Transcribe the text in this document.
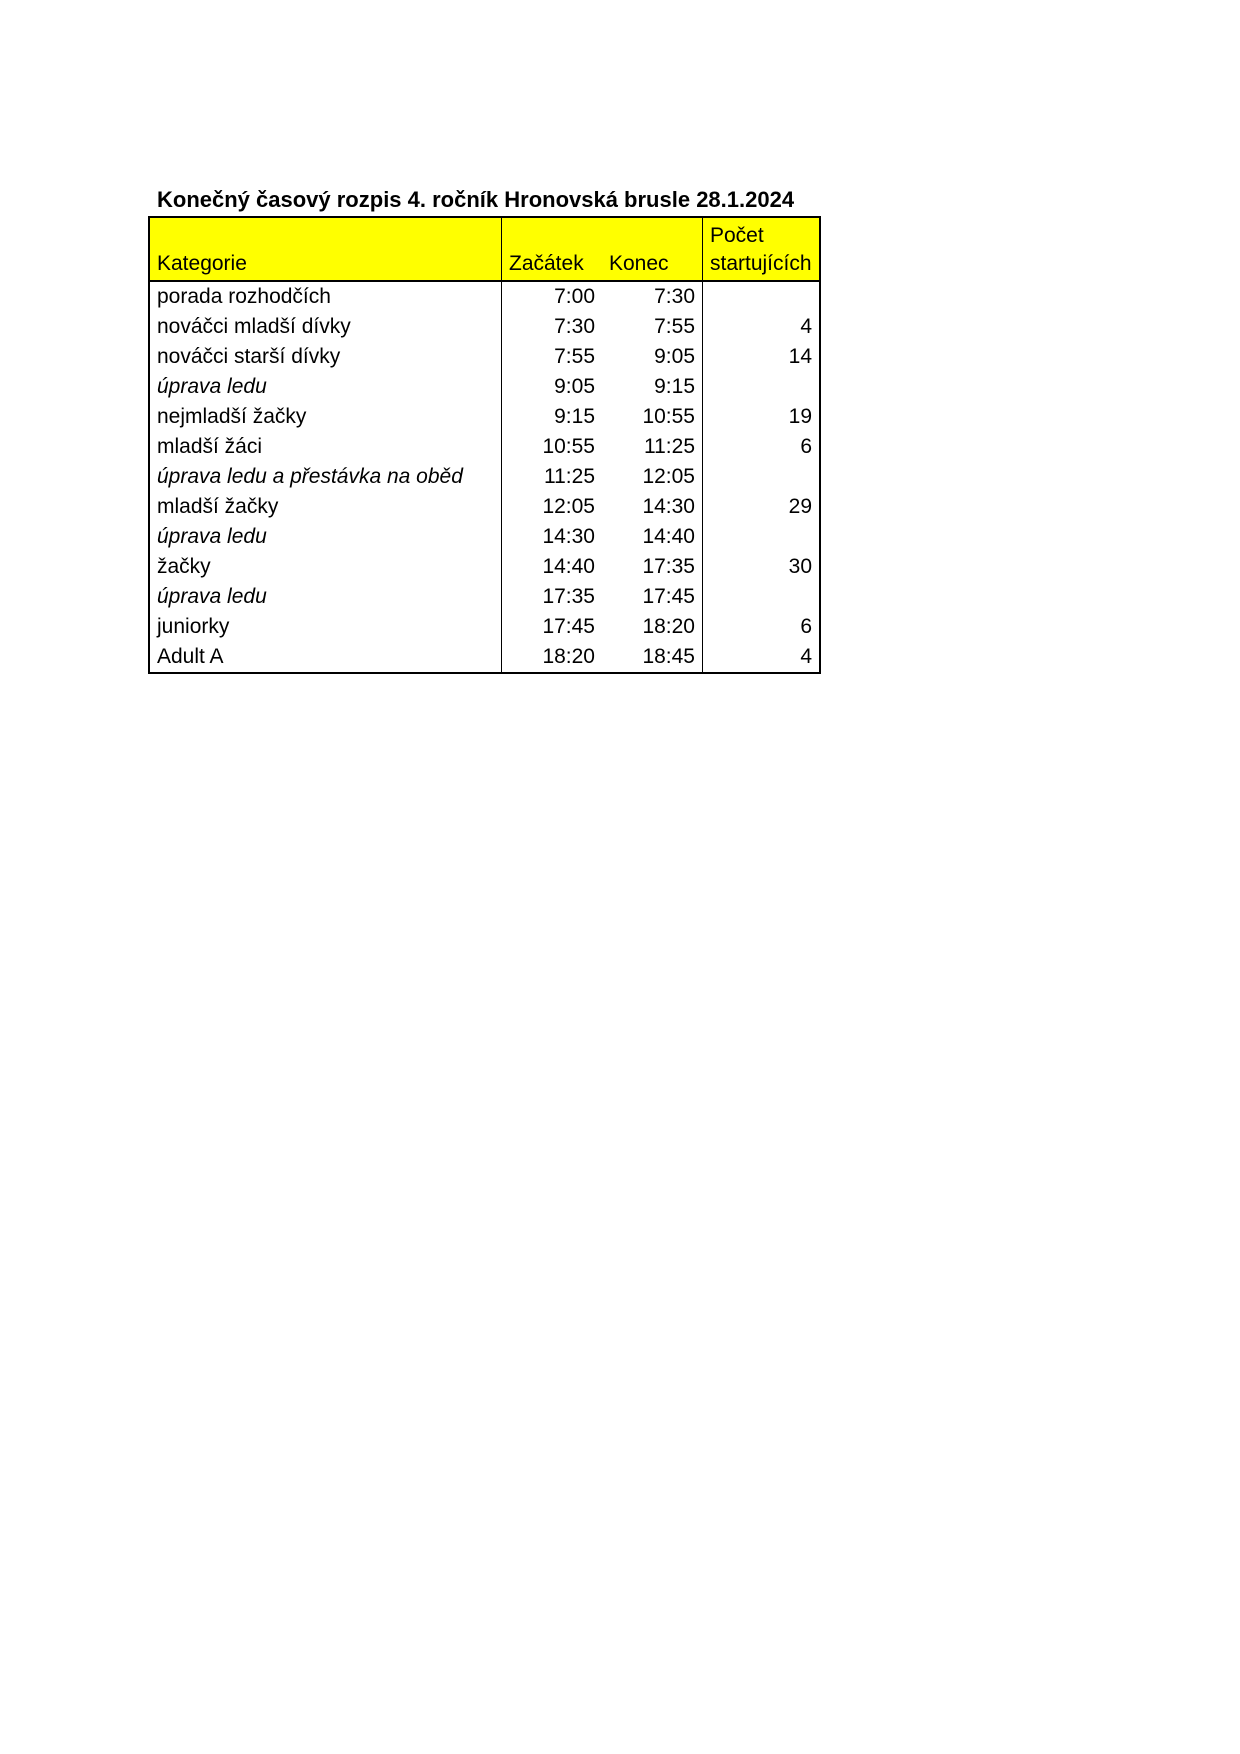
Konečný časový rozpis 4. ročník Hronovská brusle 28.1.2024
Kategorie	Začátek	Konec	Počet
startujících

porada rozhodčích	7:00	7:30	
nováčci mladší dívky	7:30	7:55	4
nováčci starší dívky	7:55	9:05	14
úprava ledu	9:05	9:15	
nejmladší žačky	9:15	10:55	19
mladší žáci	10:55	11:25	6
úprava ledu a přestávka na oběd	11:25	12:05	
mladší žačky	12:05	14:30	29
úprava ledu	14:30	14:40	
žačky	14:40	17:35	30
úprava ledu	17:35	17:45	
juniorky	17:45	18:20	6
Adult A	18:20	18:45	4
